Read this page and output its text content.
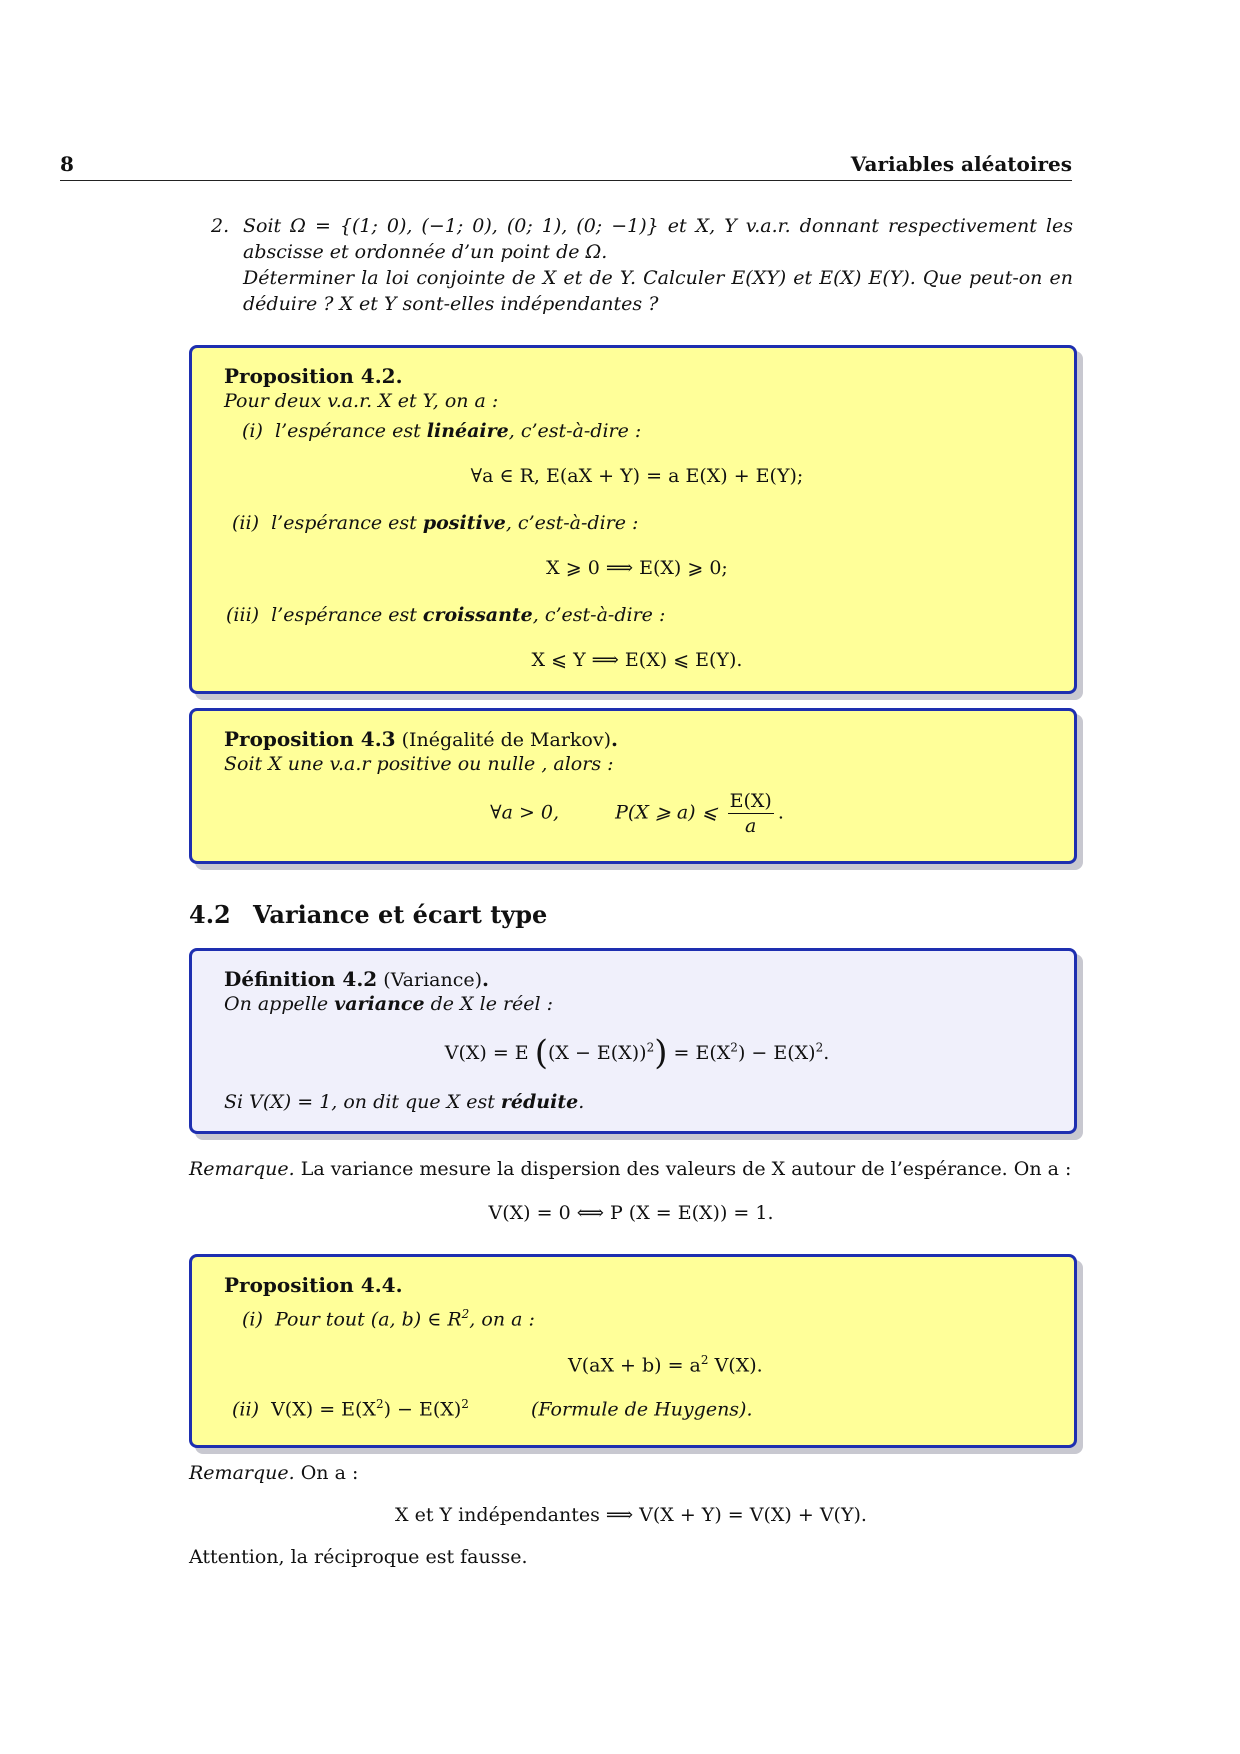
8	Variables aléatoires
2. Soit Ω = {(1; 0), (−1; 0), (0; 1), (0; −1)} et X, Y v.a.r. donnant respectivement les abscisse et ordonnée d’un point de Ω.

Déterminer la loi conjointe de X et de Y. Calculer E(XY) et E(X) E(Y). Que peut-on en déduire ? X et Y sont-elles indépendantes ?

Proposition 4.2.
Pour deux v.a.r. X et Y, on a :
(i) l’espérance est linéaire, c’est-à-dire :
∀a ∈ R, E(aX + Y) = a E(X) + E(Y);
(ii) l’espérance est positive, c’est-à-dire :
X ⩾ 0 ⟹ E(X) ⩾ 0;
(iii) l’espérance est croissante, c’est-à-dire :
X ⩽ Y ⟹ E(X) ⩽ E(Y).
Proposition 4.3 (Inégalité de Markov).
Soit X une v.a.r positive ou nulle , alors :
∀a > 0,	P(X ⩾ a) ⩽ $\frac{E(X)}{a}$ .
4.2 Variance et écart type
Définition 4.2 (Variance).
On appelle variance de X le réel :
V(X) = E $((X - E(X))^2) = E(X^2) - E(X)^2$.
Si V(X) = 1, on dit que X est réduite.
Remarque. La variance mesure la dispersion des valeurs de X autour de l’espérance. On a :
V(X) = 0 ⟺ P (X = E(X)) = 1.
Proposition 4.4.
(i) Pour tout (a, b) ∈ $R^2$, on a :
$V(aX + b) = a^2$ V(X).
(ii) $V(X) = E(X^2) - E(X)^2$	(Formule de Huygens).
Remarque. On a :
X et Y indépendantes ⟹ V(X + Y) = V(X) + V(Y).
Attention, la réciproque est fausse.
